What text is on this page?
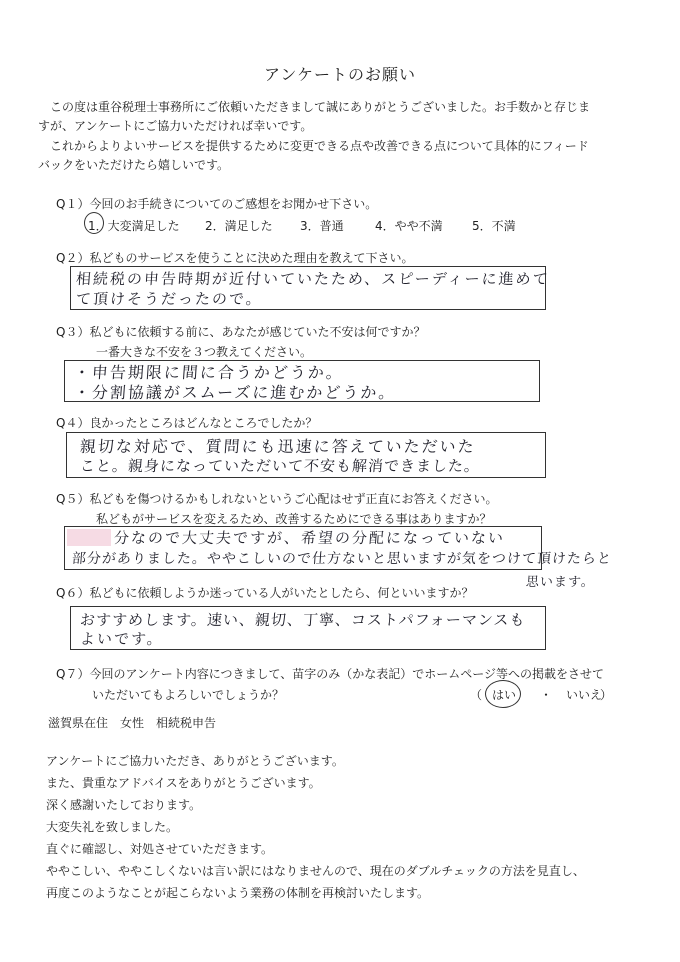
アンケートのお願い
この度は重谷税理士事務所にご依頼いただきまして誠にありがとうございました。お手数かと存じま
すが、アンケートにご協力いただければ幸いです。
これからよりよいサービスを提供するために変更できる点や改善できる点について具体的にフィード
バックをいただけたら嬉しいです。
Q１）今回のお手続きについてのご感想をお聞かせ下さい。
1．大変満足した 2．満足した 3．普通	4．やや不満 5．不満
Q２）私どものサービスを使うことに決めた理由を教えて下さい。
相続税の申告時期が近付いていたため、スピーディーに進めて
て頂けそうだったので。
Q３）私どもに依頼する前に、あなたが感じていた不安は何ですか？
一番大きな不安を３つ教えてください。
・申告期限に間に合うかどうか。
・分割協議がスムーズに進むかどうか。
Q４）良かったところはどんなところでしたか？
親切な対応で、質問にも迅速に答えていただいた
こと。親身になっていただいて不安も解消できました。
Q５）私どもを傷つけるかもしれないというご心配はせず正直にお答えください。
私どもがサービスを変えるため、改善するためにできる事はありますか？
分なので大丈夫ですが、希望の分配になっていない
部分がありました。ややこしいので仕方ないと思いますが気をつけて頂けたらと
思います。
Q６）私どもに依頼しようか迷っている人がいたとしたら、何といいますか？
おすすめします。速い、親切、丁寧、コストパフォーマンスも
よいです。
Q７）今回のアンケート内容につきまして、苗字のみ（かな表記）でホームページ等への掲載をさせて
いただいてもよろしいでしょうか？	（ はい ・ いいえ
）
滋賀県在住　女性　相続税申告
アンケートにご協力いただき、ありがとうございます。
また、貴重なアドバイスをありがとうございます。
深く感謝いたしております。
大変失礼を致しました。
直ぐに確認し、対処させていただきます。
ややこしい、ややこしくないは言い訳にはなりませんので、現在のダブルチェックの方法を見直し、
再度このようなことが起こらないよう業務の体制を再検討いたします。
